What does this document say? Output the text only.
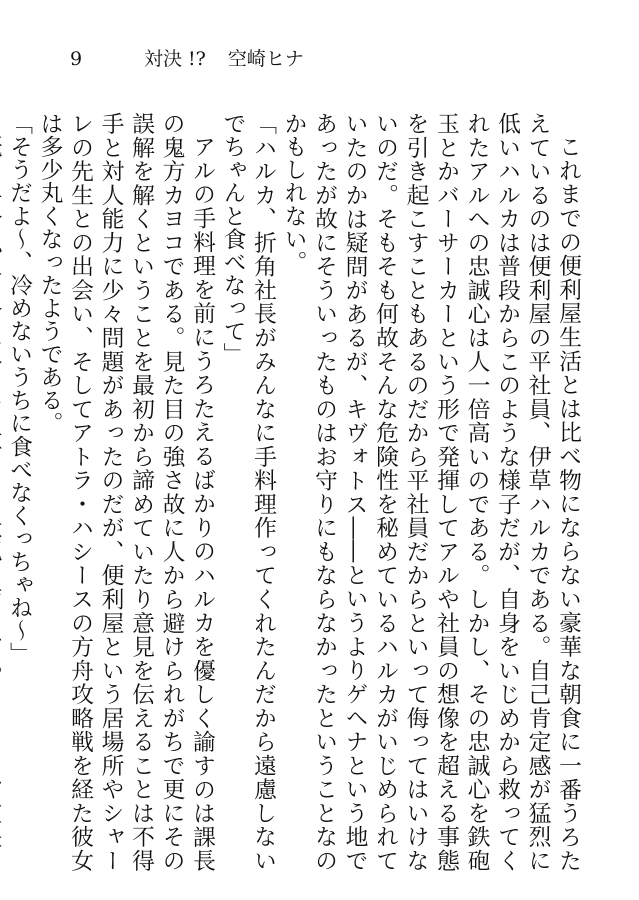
9	対決 !? 空崎ヒナ

これまでの便利屋生活とは比べ物にならない豪華な朝食に一番うろたえているのは便利屋の平社員、伊草ハルカである。自己肯定感が猛烈に低いハルカは普段からこのような様子だが、自身をいじめから救ってくれたアルへの忠誠心は人一倍高いのである。しかし、その忠誠心を鉄砲玉とかバーサーカーという形で発揮してアルや社員の想像を超える事態を引き起こすこともあるのだから平社員だからといって侮ってはいけないのだ。そもそも何故そんな危険性を秘めているハルカがいじめられていたのかは疑問があるが、キヴォトス――というよりゲヘナという地であったが故にそういったものはお守りにもならなかったということなのかもしれない。

「ハルカ、折角社長がみんなに手料理作ってくれたんだから遠慮しないでちゃんと食べなって」

アルの手料理を前にうろたえるばかりのハルカを優しく諭すのは課長の鬼方カヨコである。見た目の強さ故に人から避けられがちで更にその誤解を解くということを最初から諦めていたり意見を伝えることは不得手と対人能力に少々問題があったのだが、便利屋という居場所やシャーレの先生との出会い、そしてアトラ・ハシースの方舟攻略戦を経た彼女は多少丸くなったようである。

「そうだよ～、冷めないうちに食べなくっちゃね～」
